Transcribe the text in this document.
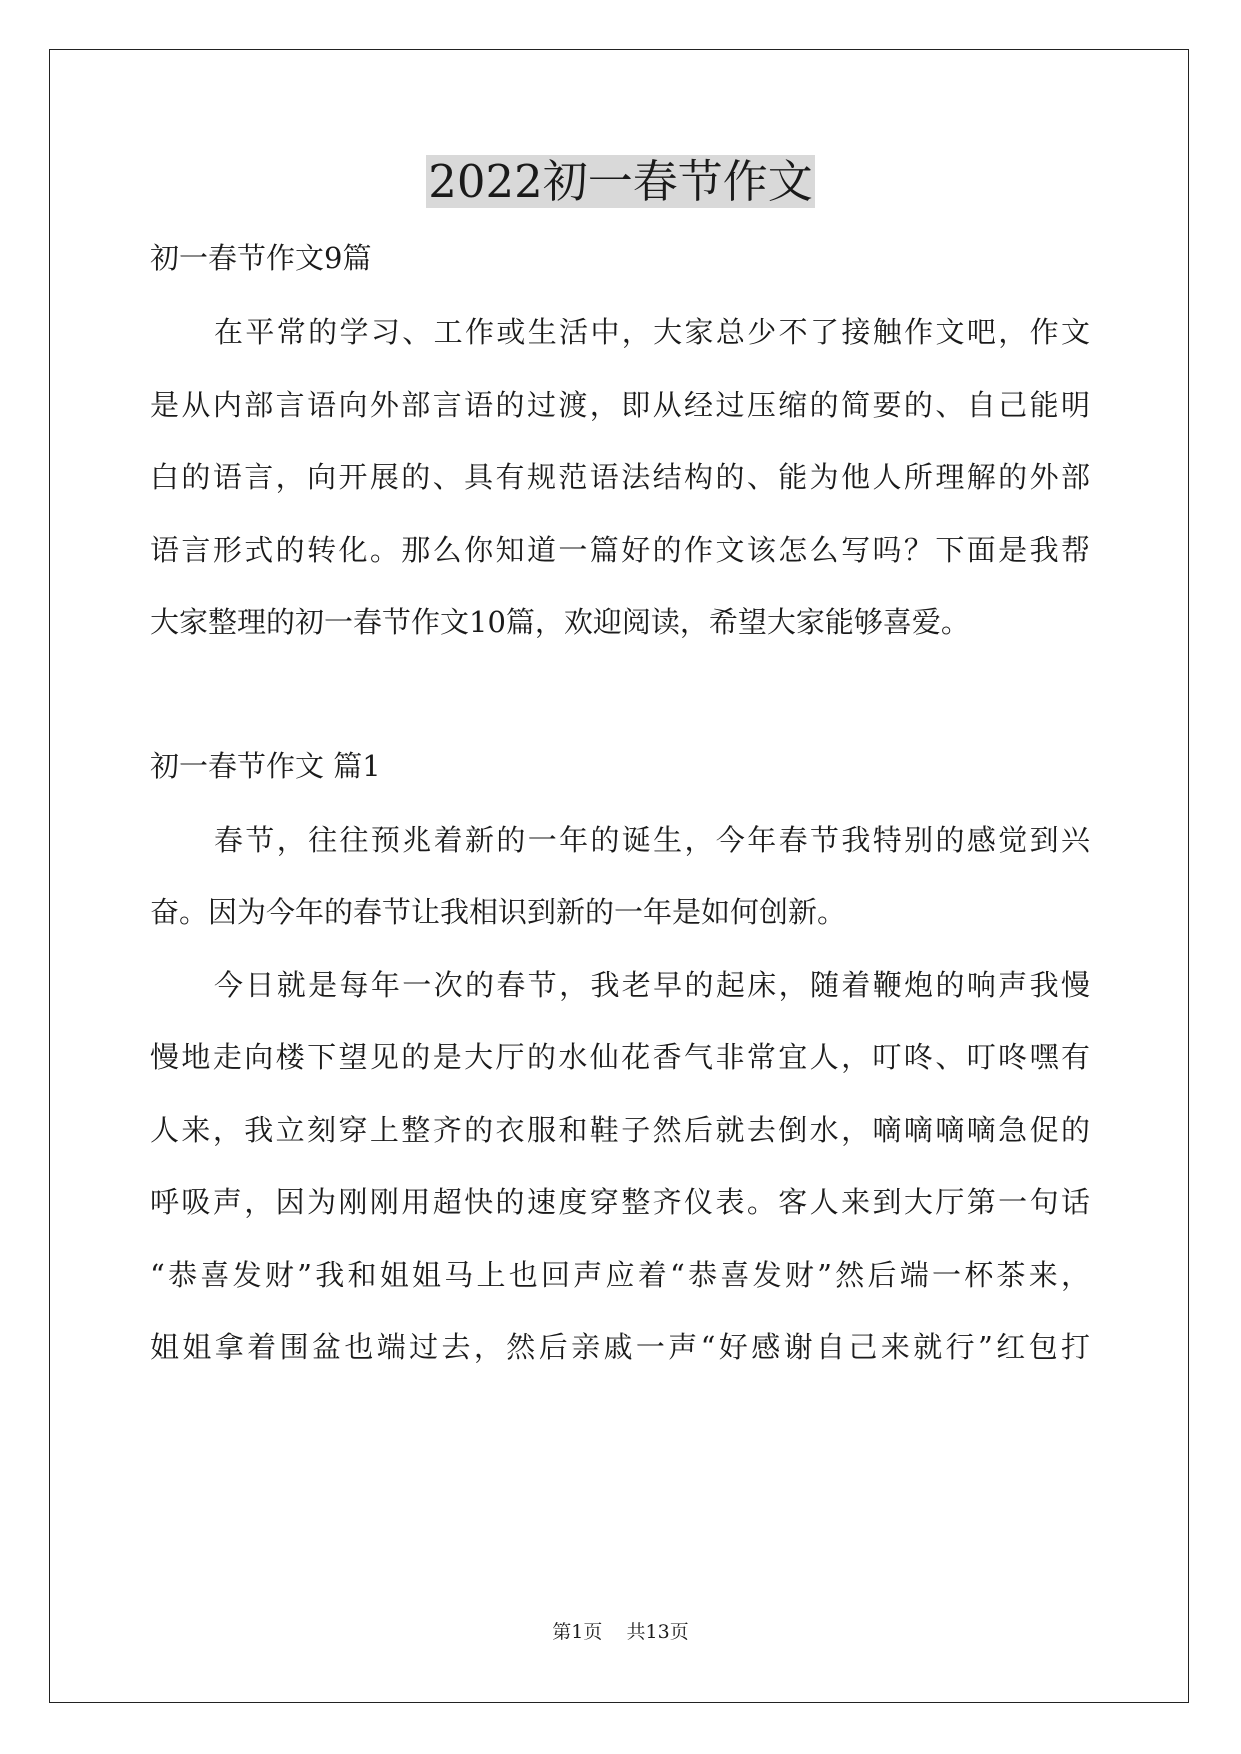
2022初一春节作文
初一春节作文9篇
在平常的学习、工作或生活中，大家总少不了接触作文吧，作文
是从内部言语向外部言语的过渡，即从经过压缩的简要的、自己能明
白的语言，向开展的、具有规范语法结构的、能为他人所理解的外部
语言形式的转化。那么你知道一篇好的作文该怎么写吗？下面是我帮
大家整理的初一春节作文10篇，欢迎阅读，希望大家能够喜爱。
初一春节作文 篇1
春节，往往预兆着新的一年的诞生，今年春节我特别的感觉到兴
奋。因为今年的春节让我相识到新的一年是如何创新。
今日就是每年一次的春节，我老早的起床，随着鞭炮的响声我慢
慢地走向楼下望见的是大厅的水仙花香气非常宜人，叮咚、叮咚嘿有
人来，我立刻穿上整齐的衣服和鞋子然后就去倒水，嘀嘀嘀嘀急促的
呼吸声，因为刚刚用超快的速度穿整齐仪表。客人来到大厅第一句话
“恭喜发财”我和姐姐马上也回声应着“恭喜发财”然后端一杯茶来，
姐姐拿着围盆也端过去，然后亲戚一声“好感谢自己来就行”红包打
第1页    共13页
